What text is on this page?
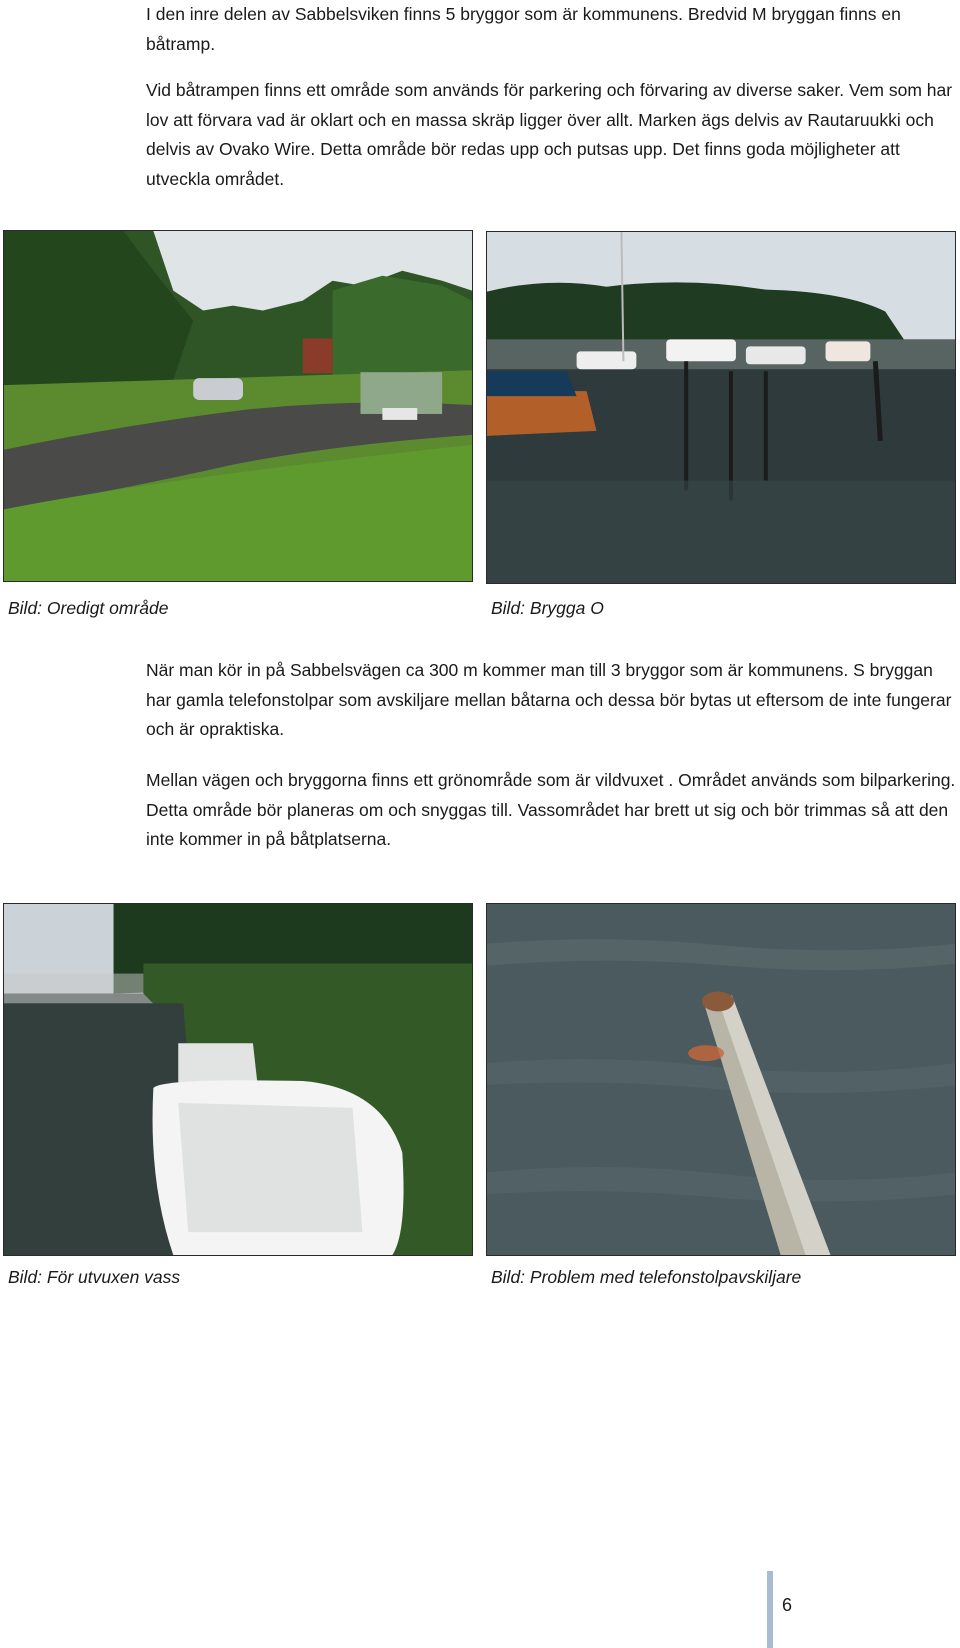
I den inre delen av Sabbelsviken finns 5 bryggor som är kommunens. Bredvid M bryggan finns en båtramp.

Vid båtrampen finns ett område som används för parkering och förvaring av diverse saker. Vem som har lov att förvara vad är oklart och en massa skräp ligger över allt. Marken ägs delvis av Rautaruukki och delvis av Ovako Wire. Detta område bör redas upp och putsas upp. Det finns goda möjligheter att utveckla området.

Bild: Oredigt område	Bild: Brygga O

När man kör in på Sabbelsvägen ca 300 m kommer man till 3 bryggor som är kommunens. S bryggan har gamla telefonstolpar som avskiljare mellan båtarna och dessa bör bytas ut eftersom de inte fungerar och är opraktiska.

Mellan vägen och bryggorna finns ett grönområde som är vildvuxet . Området används som bilparkering. Detta område bör planeras om och snyggas till. Vassområdet har brett ut sig och bör trimmas så att den inte kommer in på båtplatserna.

Bild: För utvuxen vass	Bild: Problem med telefonstolpavskiljare

6
